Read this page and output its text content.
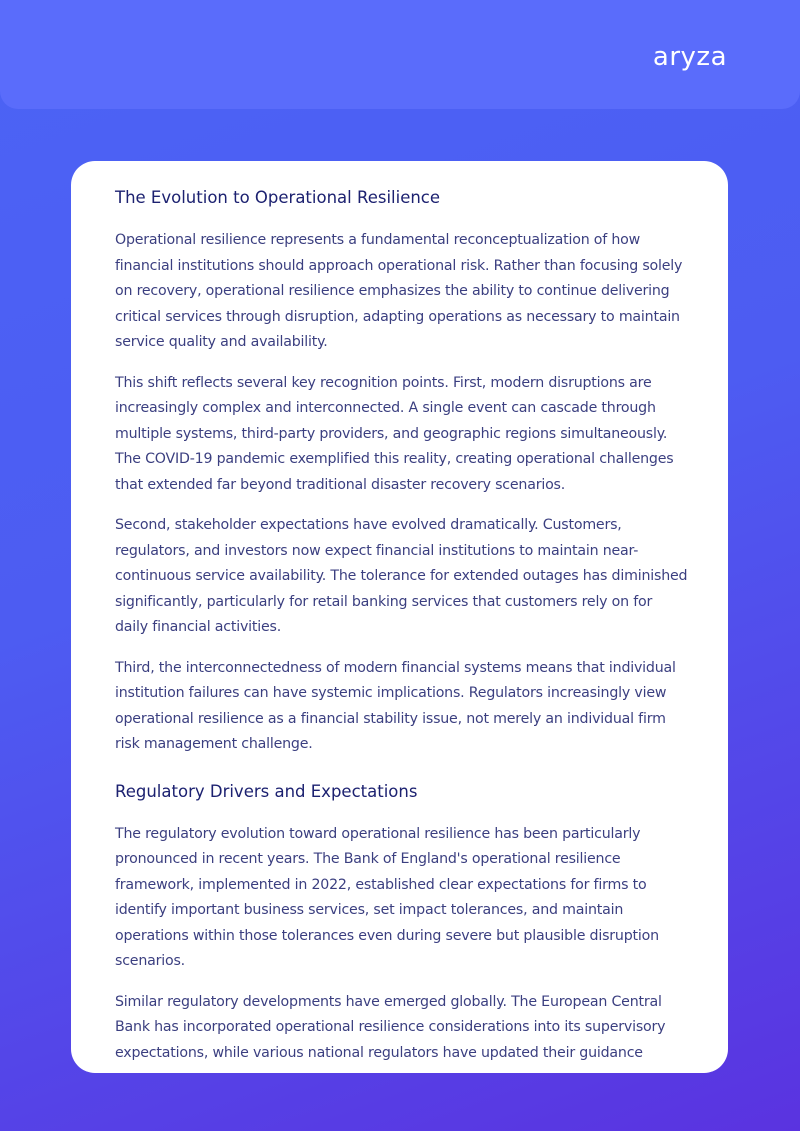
aryza
The Evolution to Operational Resilience

Operational resilience represents a fundamental reconceptualization of how financial institutions should approach operational risk. Rather than focusing solely on recovery, operational resilience emphasizes the ability to continue delivering critical services through disruption, adapting operations as necessary to maintain service quality and availability.

This shift reflects several key recognition points. First, modern disruptions are increasingly complex and interconnected. A single event can cascade through multiple systems, third-party providers, and geographic regions simultaneously. The COVID-19 pandemic exemplified this reality, creating operational challenges that extended far beyond traditional disaster recovery scenarios.

Second, stakeholder expectations have evolved dramatically. Customers, regulators, and investors now expect financial institutions to maintain near-continuous service availability. The tolerance for extended outages has diminished significantly, particularly for retail banking services that customers rely on for daily financial activities.

Third, the interconnectedness of modern financial systems means that individual institution failures can have systemic implications. Regulators increasingly view operational resilience as a financial stability issue, not merely an individual firm risk management challenge.

Regulatory Drivers and Expectations

The regulatory evolution toward operational resilience has been particularly pronounced in recent years. The Bank of England's operational resilience framework, implemented in 2022, established clear expectations for firms to identify important business services, set impact tolerances, and maintain operations within those tolerances even during severe but plausible disruption scenarios.

Similar regulatory developments have emerged globally. The European Central Bank has incorporated operational resilience considerations into its supervisory expectations, while various national regulators have updated their guidance
